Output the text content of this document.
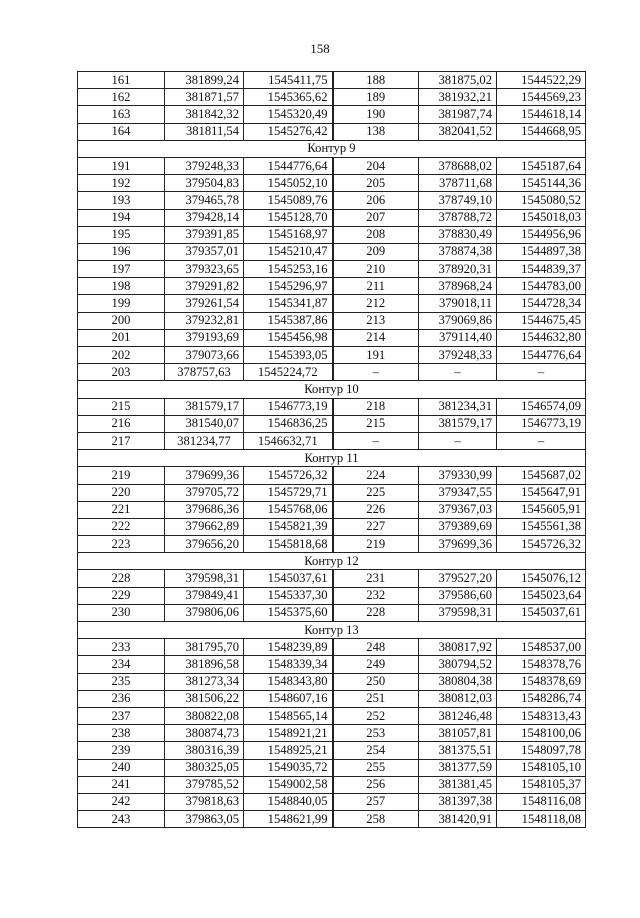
158
161	381899,24	1545411,75	188	381875,02	1544522,29
162	381871,57	1545365,62	189	381932,21	1544569,23
163	381842,32	1545320,49	190	381987,74	1544618,14
164	381811,54	1545276,42	138	382041,52	1544668,95
Контур 9					
191	379248,33	1544776,64	204	378688,02	1545187,64
192	379504,83	1545052,10	205	378711,68	1545144,36
193	379465,78	1545089,76	206	378749,10	1545080,52
194	379428,14	1545128,70	207	378788,72	1545018,03
195	379391,85	1545168,97	208	378830,49	1544956,96
196	379357,01	1545210,47	209	378874,38	1544897,38
197	379323,65	1545253,16	210	378920,31	1544839,37
198	379291,82	1545296,97	211	378968,24	1544783,00
199	379261,54	1545341,87	212	379018,11	1544728,34
200	379232,81	1545387,86	213	379069,86	1544675,45
201	379193,69	1545456,98	214	379114,40	1544632,80
202	379073,66	1545393,05	191	379248,33	1544776,64
203	378757,63	1545224,72	–	–	–
Контур 10					
215	381579,17	1546773,19	218	381234,31	1546574,09
216	381540,07	1546836,25	215	381579,17	1546773,19
217	381234,77	1546632,71	–	–	–
Контур 11					
219	379699,36	1545726,32	224	379330,99	1545687,02
220	379705,72	1545729,71	225	379347,55	1545647,91
221	379686,36	1545768,06	226	379367,03	1545605,91
222	379662,89	1545821,39	227	379389,69	1545561,38
223	379656,20	1545818,68	219	379699,36	1545726,32
Контур 12					
228	379598,31	1545037,61	231	379527,20	1545076,12
229	379849,41	1545337,30	232	379586,60	1545023,64
230	379806,06	1545375,60	228	379598,31	1545037,61
Контур 13					
233	381795,70	1548239,89	248	380817,92	1548537,00
234	381896,58	1548339,34	249	380794,52	1548378,76
235	381273,34	1548343,80	250	380804,38	1548378,69
236	381506,22	1548607,16	251	380812,03	1548286,74
237	380822,08	1548565,14	252	381246,48	1548313,43
238	380874,73	1548921,21	253	381057,81	1548100,06
239	380316,39	1548925,21	254	381375,51	1548097,78
240	380325,05	1549035,72	255	381377,59	1548105,10
241	379785,52	1549002,58	256	381381,45	1548105,37
242	379818,63	1548840,05	257	381397,38	1548116,08
243	379863,05	1548621,99	258	381420,91	1548118,08
